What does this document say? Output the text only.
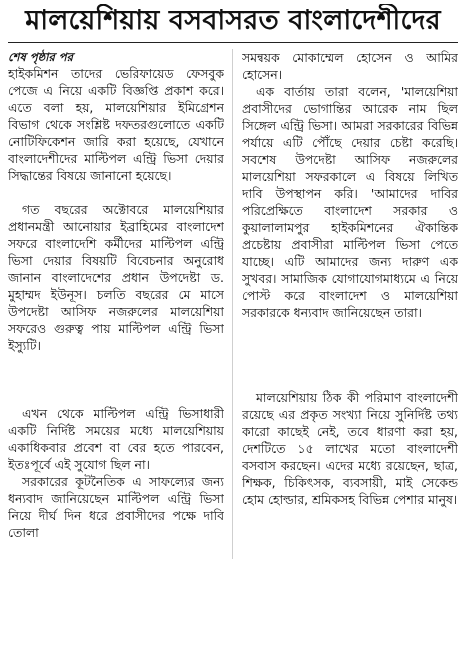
মালয়েশিয়ায় বসবাসরত বাংলাদেশীদের
শেষ পৃষ্ঠার পর

হাইকমিশন তাদের ভেরিফায়েড ফেসবুক পেজে এ নিয়ে একটি বিজ্ঞপ্তি প্রকাশ করে। এতে বলা হয়, মালয়েশিয়ার ইমিগ্রেশন বিভাগ থেকে সংশ্লিষ্ট দফতরগুলোতে একটি নোটিফিকেশন জারি করা হয়েছে, যেখানে বাংলাদেশীদের মাল্টিপল এন্ট্রি ভিসা দেয়ার সিদ্ধান্তের বিষয়ে জানানো হয়েছে।

গত বছরের অক্টোবরে মালয়েশিয়ার প্রধানমন্ত্রী আনোয়ার ইব্রাহিমের বাংলাদেশ সফরে বাংলাদেশি কর্মীদের মাল্টিপল এন্ট্রি ভিসা দেয়ার বিষয়টি বিবেচনার অনুরোধ জানান বাংলাদেশের প্রধান উপদেষ্টা ড. মুহাম্মদ ইউনূস। চলতি বছরের মে মাসে উপদেষ্টা আসিফ নজরুলের মালয়েশিয়া সফরেও গুরুত্ব পায় মাল্টিপল এন্ট্রি ভিসা ইস্যুটি।

এখন থেকে মাল্টিপল এন্ট্রি ভিসাধারী একটি নির্দিষ্ট সময়ের মধ্যে মালয়েশিয়ায় একাধিকবার প্রবেশ বা বের হতে পারবেন, ইতঃপূর্বে এই সুযোগ ছিল না।

সরকারের কূটনৈতিক এ সাফল্যের জন্য ধন্যবাদ জানিয়েছেন মাল্টিপল এন্ট্রি ভিসা নিয়ে দীর্ঘ দিন ধরে প্রবাসীদের পক্ষে দাবি তোলা

সমন্বয়ক মোকাম্মেল হোসেন ও আমির হোসেন।

এক বার্তায় তারা বলেন, 'মালয়েশিয়া প্রবাসীদের ভোগান্তির আরেক নাম ছিল সিঙ্গেল এন্ট্রি ভিসা। আমরা সরকারের বিভিন্ন পর্যায়ে এটি পৌঁছে দেয়ার চেষ্টা করেছি। সবশেষ উপদেষ্টা আসিফ নজরুলের মালয়েশিয়া সফরকালে এ বিষয়ে লিখিত দাবি উপস্থাপন করি। 'আমাদের দাবির পরিপ্রেক্ষিতে বাংলাদেশ সরকার ও কুয়ালালামপুর হাইকমিশনের ঐকান্তিক প্রচেষ্টায় প্রবাসীরা মাল্টিপল ভিসা পেতে যাচ্ছে। এটি আমাদের জন্য দারুণ এক সুখবর। সামাজিক যোগাযোগমাধ্যমে এ নিয়ে পোস্ট করে বাংলাদেশ ও মালয়েশিয়া সরকারকে ধন্যবাদ জানিয়েছেন তারা।

মালয়েশিয়ায় ঠিক কী পরিমাণ বাংলাদেশী রয়েছে এর প্রকৃত সংখ্যা নিয়ে সুনির্দিষ্ট তথ্য কারো কাছেই নেই, তবে ধারণা করা হয়, দেশটিতে ১৫ লাখের মতো বাংলাদেশী বসবাস করছেন। এদের মধ্যে রয়েছেন, ছাত্র, শিক্ষক, চিকিৎসক, ব্যবসায়ী, মাই সেকেন্ড হোম হোল্ডার, শ্রমিকসহ বিভিন্ন পেশার মানুষ।
